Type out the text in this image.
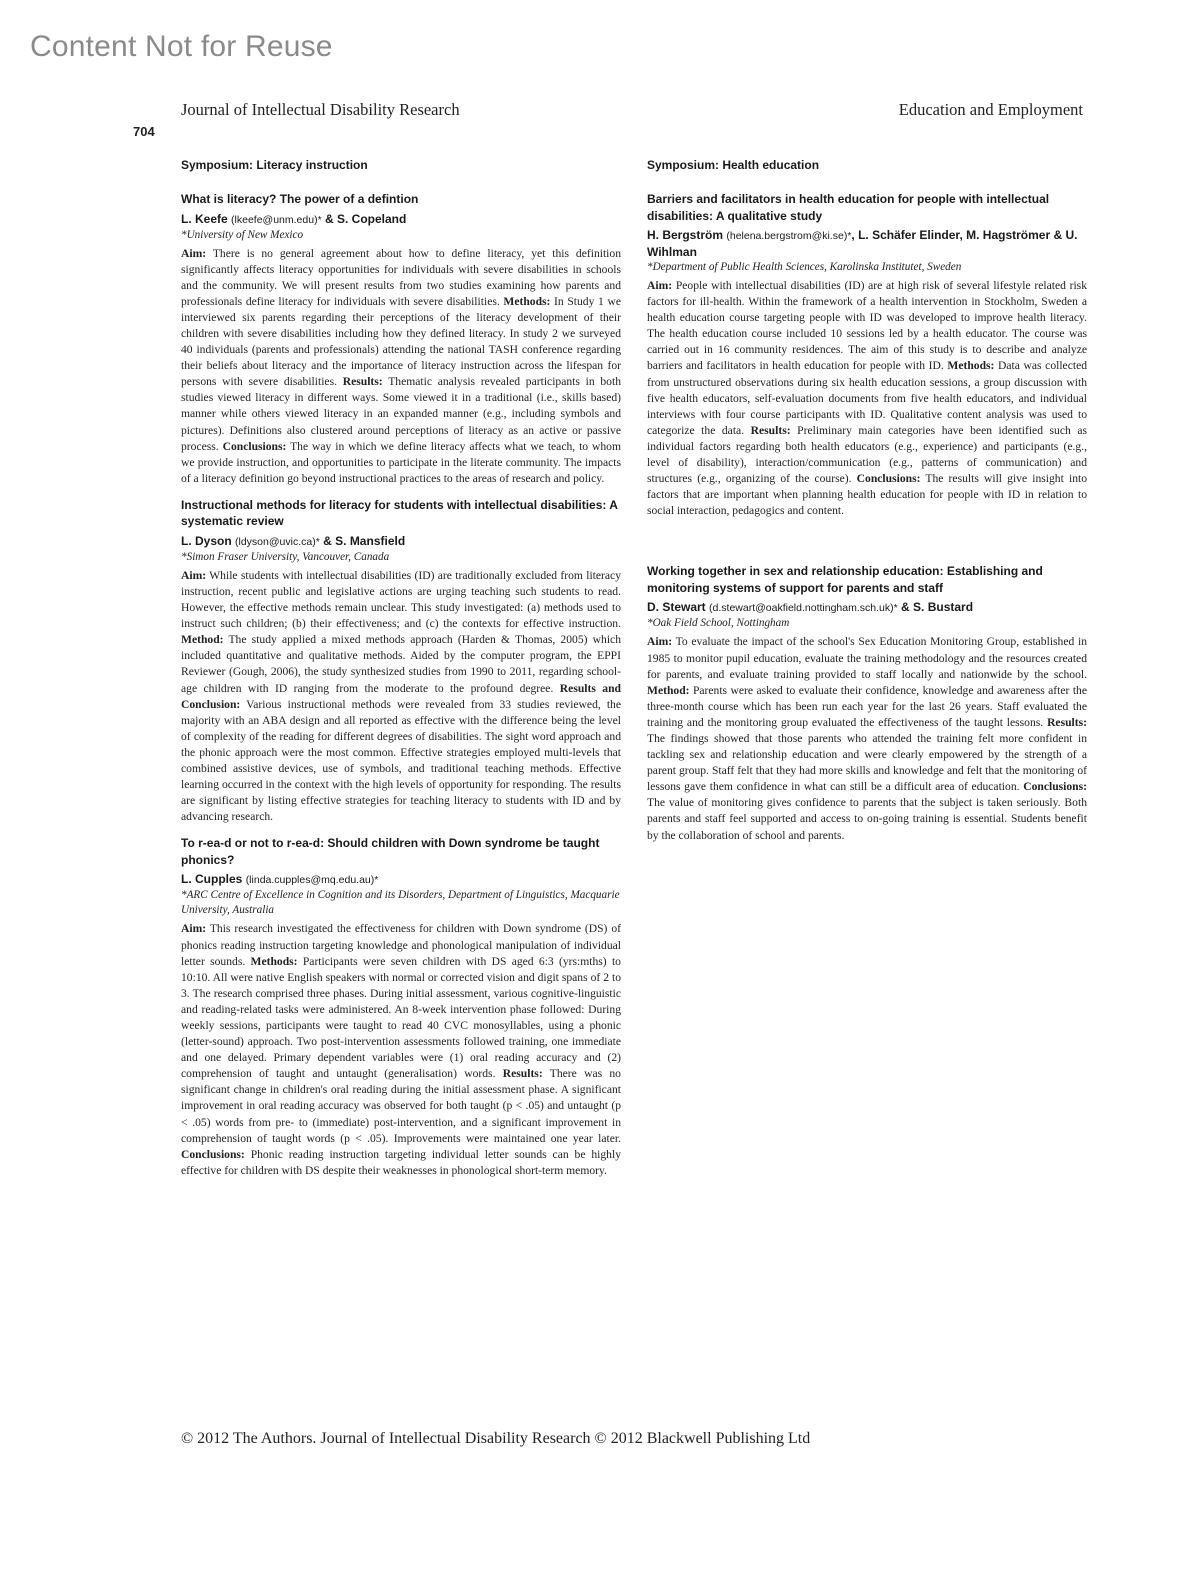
Content Not for Reuse
Journal of Intellectual Disability Research	Education and Employment
704
Symposium: Literacy instruction
What is literacy? The power of a defintion
L. Keefe (lkeefe@unm.edu)* & S. Copeland
*University of New Mexico

Aim: There is no general agreement about how to define literacy, yet this definition significantly affects literacy opportunities for individuals with severe disabilities in schools and the community. We will present results from two studies examining how parents and professionals define literacy for individuals with severe disabilities. Methods: In Study 1 we interviewed six parents regarding their perceptions of the literacy development of their children with severe disabilities including how they defined literacy. In study 2 we surveyed 40 individuals (parents and professionals) attending the national TASH conference regarding their beliefs about literacy and the importance of literacy instruction across the lifespan for persons with severe disabilities. Results: Thematic analysis revealed participants in both studies viewed literacy in different ways. Some viewed it in a traditional (i.e., skills based) manner while others viewed literacy in an expanded manner (e.g., including symbols and pictures). Definitions also clustered around perceptions of literacy as an active or passive process. Conclusions: The way in which we define literacy affects what we teach, to whom we provide instruction, and opportunities to participate in the literate community. The impacts of a literacy definition go beyond instructional practices to the areas of research and policy.

Instructional methods for literacy for students with intellectual disabilities: A systematic review
L. Dyson (ldyson@uvic.ca)* & S. Mansfield
*Simon Fraser University, Vancouver, Canada

Aim: While students with intellectual disabilities (ID) are traditionally excluded from literacy instruction, recent public and legislative actions are urging teaching such students to read. However, the effective methods remain unclear. This study investigated: (a) methods used to instruct such children; (b) their effectiveness; and (c) the contexts for effective instruction. Method: The study applied a mixed methods approach (Harden & Thomas, 2005) which included quantitative and qualitative methods. Aided by the computer program, the EPPI Reviewer (Gough, 2006), the study synthesized studies from 1990 to 2011, regarding school-age children with ID ranging from the moderate to the profound degree. Results and Conclusion: Various instructional methods were revealed from 33 studies reviewed, the majority with an ABA design and all reported as effective with the difference being the level of complexity of the reading for different degrees of disabilities. The sight word approach and the phonic approach were the most common. Effective strategies employed multi-levels that combined assistive devices, use of symbols, and traditional teaching methods. Effective learning occurred in the context with the high levels of opportunity for responding. The results are significant by listing effective strategies for teaching literacy to students with ID and by advancing research.

To r-ea-d or not to r-ea-d: Should children with Down syndrome be taught phonics?
L. Cupples (linda.cupples@mq.edu.au)*
*ARC Centre of Excellence in Cognition and its Disorders, Department of Linguistics, Macquarie University, Australia

Aim: This research investigated the effectiveness for children with Down syndrome (DS) of phonics reading instruction targeting knowledge and phonological manipulation of individual letter sounds. Methods: Participants were seven children with DS aged 6:3 (yrs:mths) to 10:10. All were native English speakers with normal or corrected vision and digit spans of 2 to 3. The research comprised three phases. During initial assessment, various cognitive-linguistic and reading-related tasks were administered. An 8-week intervention phase followed: During weekly sessions, participants were taught to read 40 CVC monosyllables, using a phonic (letter-sound) approach. Two post-intervention assessments followed training, one immediate and one delayed. Primary dependent variables were (1) oral reading accuracy and (2) comprehension of taught and untaught (generalisation) words. Results: There was no significant change in children's oral reading during the initial assessment phase. A significant improvement in oral reading accuracy was observed for both taught (p < .05) and untaught (p < .05) words from pre- to (immediate) post-intervention, and a significant improvement in comprehension of taught words (p < .05). Improvements were maintained one year later. Conclusions: Phonic reading instruction targeting individual letter sounds can be highly effective for children with DS despite their weaknesses in phonological short-term memory.

Symposium: Health education
Barriers and facilitators in health education for people with intellectual disabilities: A qualitative study
H. Bergström (helena.bergstrom@ki.se)*, L. Schäfer Elinder, M. Hagströmer & U. Wihlman
*Department of Public Health Sciences, Karolinska Institutet, Sweden

Aim: People with intellectual disabilities (ID) are at high risk of several lifestyle related risk factors for ill-health. Within the framework of a health intervention in Stockholm, Sweden a health education course targeting people with ID was developed to improve health literacy. The health education course included 10 sessions led by a health educator. The course was carried out in 16 community residences. The aim of this study is to describe and analyze barriers and facilitators in health education for people with ID. Methods: Data was collected from unstructured observations during six health education sessions, a group discussion with five health educators, self-evaluation documents from five health educators, and individual interviews with four course participants with ID. Qualitative content analysis was used to categorize the data. Results: Preliminary main categories have been identified such as individual factors regarding both health educators (e.g., experience) and participants (e.g., level of disability), interaction/communication (e.g., patterns of communication) and structures (e.g., organizing of the course). Conclusions: The results will give insight into factors that are important when planning health education for people with ID in relation to social interaction, pedagogics and content.

Working together in sex and relationship education: Establishing and monitoring systems of support for parents and staff
D. Stewart (d.stewart@oakfield.nottingham.sch.uk)* & S. Bustard
*Oak Field School, Nottingham

Aim: To evaluate the impact of the school's Sex Education Monitoring Group, established in 1985 to monitor pupil education, evaluate the training methodology and the resources created for parents, and evaluate training provided to staff locally and nationwide by the school. Method: Parents were asked to evaluate their confidence, knowledge and awareness after the three-month course which has been run each year for the last 26 years. Staff evaluated the training and the monitoring group evaluated the effectiveness of the taught lessons. Results: The findings showed that those parents who attended the training felt more confident in tackling sex and relationship education and were clearly empowered by the strength of a parent group. Staff felt that they had more skills and knowledge and felt that the monitoring of lessons gave them confidence in what can still be a difficult area of education. Conclusions: The value of monitoring gives confidence to parents that the subject is taken seriously. Both parents and staff feel supported and access to on-going training is essential. Students benefit by the collaboration of school and parents.

© 2012 The Authors. Journal of Intellectual Disability Research © 2012 Blackwell Publishing Ltd
